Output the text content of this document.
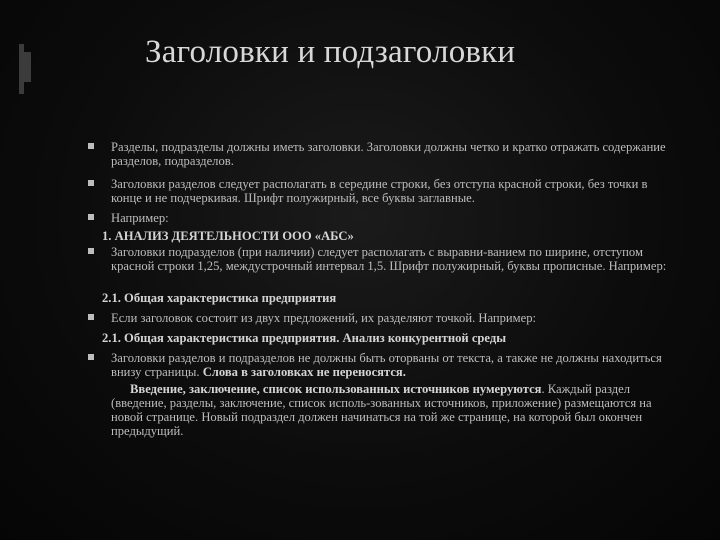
Заголовки и подзаголовки
Разделы, подразделы должны иметь заголовки. Заголовки должны четко и кратко отражать содержание разделов, подразделов.
Заголовки разделов следует располагать в середине строки, без отступа красной строки, без точки в конце и не подчеркивая. Шрифт полужирный, все буквы заглавные.
Например:
1. АНАЛИЗ ДЕЯТЕЛЬНОСТИ ООО «АБС»
Заголовки подразделов (при наличии) следует располагать с выравни-ванием по ширине, отступом красной строки 1,25, междустрочный интервал 1,5. Шрифт полужирный, буквы прописные. Например:
2.1. Общая характеристика предприятия
Если заголовок состоит из двух предложений, их разделяют точкой. Например:
2.1. Общая характеристика предприятия. Анализ конкурентной среды
Заголовки разделов и подразделов не должны быть оторваны от текста, а также не должны находиться внизу страницы. Слова в заголовках не переносятся.
Введение, заключение, список использованных источников нумеруются. Каждый раздел (введение, разделы, заключение, список исполь-зованных источников, приложение) размещаются на новой странице. Новый подраздел должен начинаться на той же странице, на которой был окончен предыдущий.
